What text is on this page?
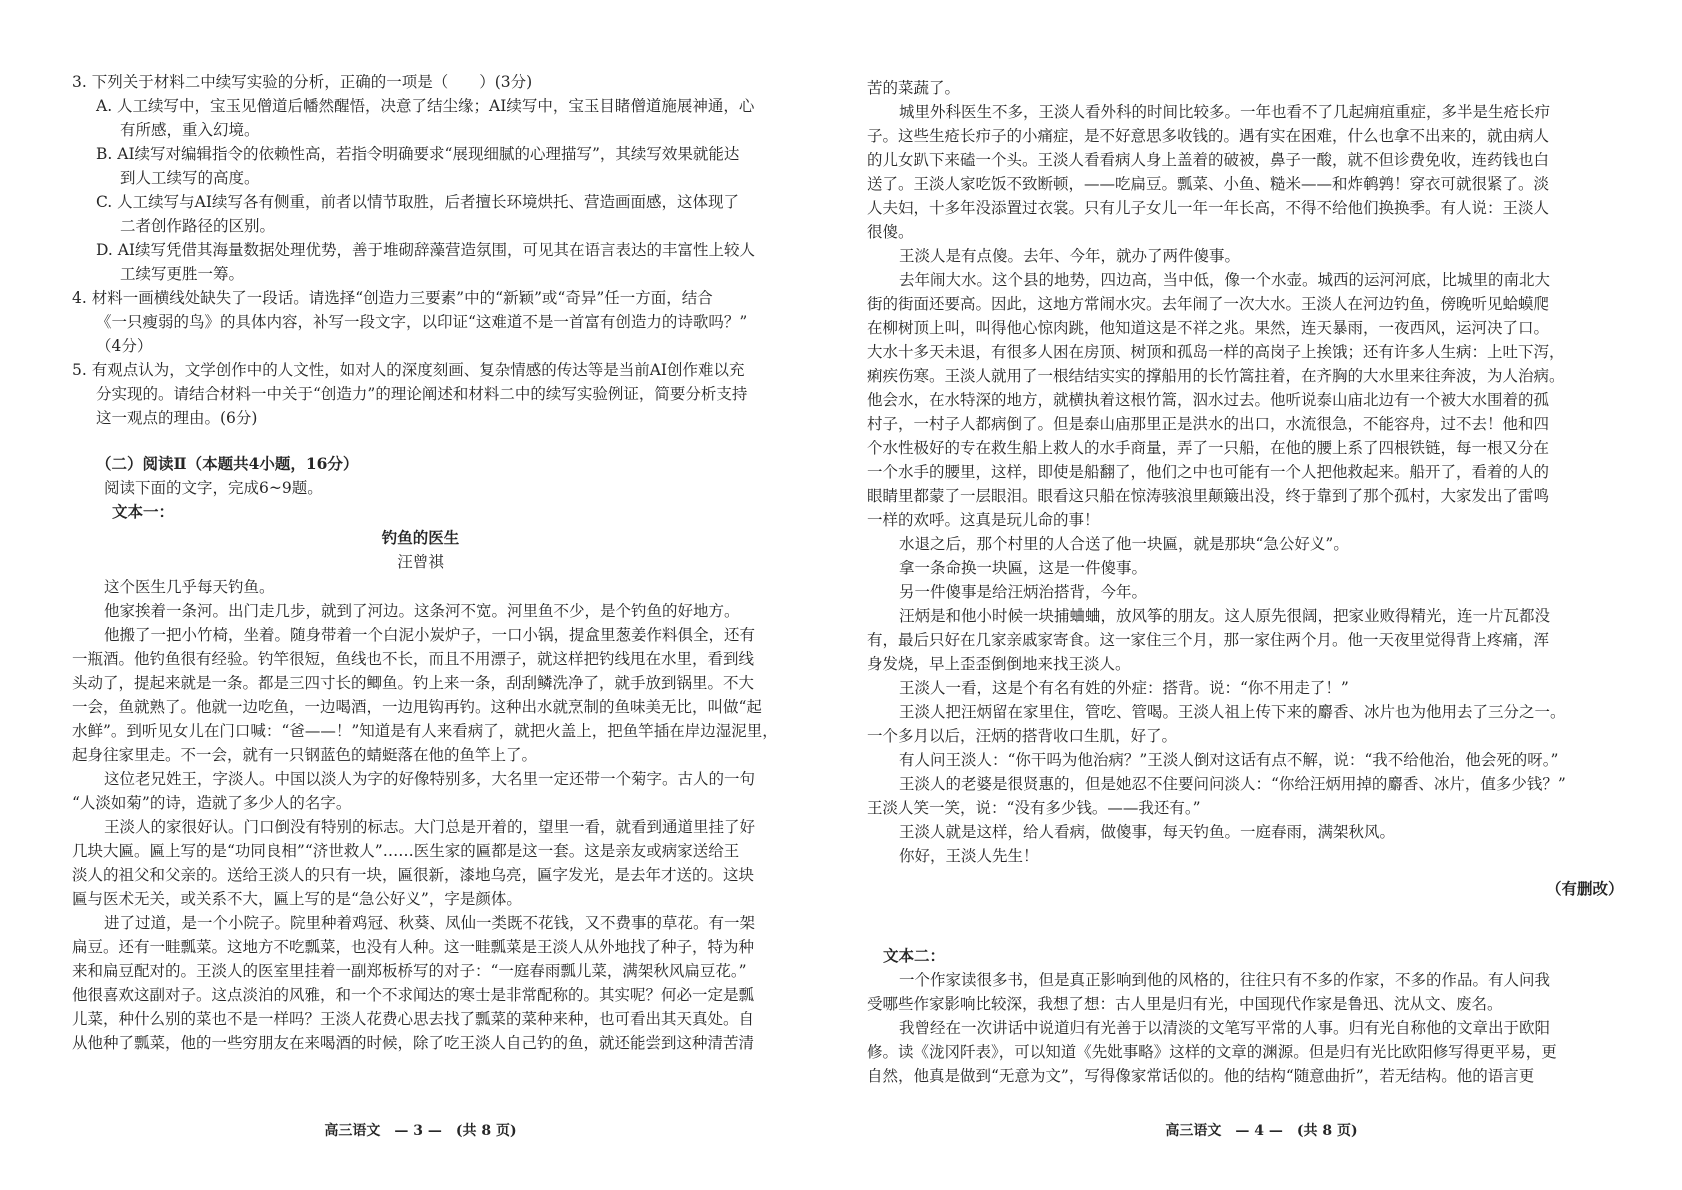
3. 下列关于材料二中续写实验的分析，正确的一项是（　　）(3分)
A. 人工续写中，宝玉见僧道后幡然醒悟，决意了结尘缘；AI续写中，宝玉目睹僧道施展神通，心
有所感，重入幻境。
B. AI续写对编辑指令的依赖性高，若指令明确要求“展现细腻的心理描写”，其续写效果就能达
到人工续写的高度。
C. 人工续写与AI续写各有侧重，前者以情节取胜，后者擅长环境烘托、营造画面感，这体现了
二者创作路径的区别。
D. AI续写凭借其海量数据处理优势，善于堆砌辞藻营造氛围，可见其在语言表达的丰富性上较人
工续写更胜一筹。
4. 材料一画横线处缺失了一段话。请选择“创造力三要素”中的“新颖”或“奇异”任一方面，结合
《一只瘦弱的鸟》的具体内容，补写一段文字，以印证“这难道不是一首富有创造力的诗歌吗？”
（4分）
5. 有观点认为，文学创作中的人文性，如对人的深度刻画、复杂情感的传达等是当前AI创作难以充
分实现的。请结合材料一中关于“创造力”的理论阐述和材料二中的续写实验例证，简要分析支持
这一观点的理由。(6分)
（二）阅读Ⅱ（本题共4小题，16分）
阅读下面的文字，完成6~9题。
文本一：
钓鱼的医生
汪曾祺
这个医生几乎每天钓鱼。
他家挨着一条河。出门走几步，就到了河边。这条河不宽。河里鱼不少，是个钓鱼的好地方。
他搬了一把小竹椅，坐着。随身带着一个白泥小炭炉子，一口小锅，提盒里葱姜作料俱全，还有
一瓶酒。他钓鱼很有经验。钓竿很短，鱼线也不长，而且不用漂子，就这样把钓线甩在水里，看到线
头动了，提起来就是一条。都是三四寸长的鲫鱼。钓上来一条，刮刮鳞洗净了，就手放到锅里。不大
一会，鱼就熟了。他就一边吃鱼，一边喝酒，一边甩钩再钓。这种出水就烹制的鱼味美无比，叫做“起
水鲜”。到听见女儿在门口喊：“爸——！”知道是有人来看病了，就把火盖上，把鱼竿插在岸边湿泥里，
起身往家里走。不一会，就有一只钢蓝色的蜻蜓落在他的鱼竿上了。
这位老兄姓王，字淡人。中国以淡人为字的好像特别多，大名里一定还带一个菊字。古人的一句
“人淡如菊”的诗，造就了多少人的名字。
王淡人的家很好认。门口倒没有特别的标志。大门总是开着的，望里一看，就看到通道里挂了好
几块大匾。匾上写的是“功同良相”“济世救人”……医生家的匾都是这一套。这是亲友或病家送给王
淡人的祖父和父亲的。送给王淡人的只有一块，匾很新，漆地乌亮，匾字发光，是去年才送的。这块
匾与医术无关，或关系不大，匾上写的是“急公好义”，字是颜体。
进了过道，是一个小院子。院里种着鸡冠、秋葵、凤仙一类既不花钱，又不费事的草花。有一架
扁豆。还有一畦瓢菜。这地方不吃瓢菜，也没有人种。这一畦瓢菜是王淡人从外地找了种子，特为种
来和扁豆配对的。王淡人的医室里挂着一副郑板桥写的对子：“一庭春雨瓢儿菜，满架秋风扁豆花。”
他很喜欢这副对子。这点淡泊的风雅，和一个不求闻达的寒士是非常配称的。其实呢？何必一定是瓢
儿菜，种什么别的菜也不是一样吗？王淡人花费心思去找了瓢菜的菜种来种，也可看出其天真处。自
从他种了瓢菜，他的一些穷朋友在来喝酒的时候，除了吃王淡人自己钓的鱼，就还能尝到这种清苦清
高三语文　— 3 —　(共 8 页)
苦的菜蔬了。
城里外科医生不多，王淡人看外科的时间比较多。一年也看不了几起痈疽重症，多半是生疮长疖
子。这些生疮长疖子的小痛症，是不好意思多收钱的。遇有实在困难，什么也拿不出来的，就由病人
的儿女趴下来磕一个头。王淡人看看病人身上盖着的破被，鼻子一酸，就不但诊费免收，连药钱也白
送了。王淡人家吃饭不致断顿，——吃扁豆。瓢菜、小鱼、糙米——和炸鹌鹑！穿衣可就很紧了。淡
人夫妇，十多年没添置过衣裳。只有儿子女儿一年一年长高，不得不给他们换换季。有人说：王淡人
很傻。
王淡人是有点傻。去年、今年，就办了两件傻事。
去年闹大水。这个县的地势，四边高，当中低，像一个水壶。城西的运河河底，比城里的南北大
街的街面还要高。因此，这地方常闹水灾。去年闹了一次大水。王淡人在河边钓鱼，傍晚听见蛤蟆爬
在柳树顶上叫，叫得他心惊肉跳，他知道这是不祥之兆。果然，连天暴雨，一夜西风，运河决了口。
大水十多天未退，有很多人困在房顶、树顶和孤岛一样的高岗子上挨饿；还有许多人生病：上吐下泻，
痢疾伤寒。王淡人就用了一根结结实实的撑船用的长竹篙拄着，在齐胸的大水里来往奔波，为人治病。
他会水，在水特深的地方，就横执着这根竹篙，泅水过去。他听说泰山庙北边有一个被大水围着的孤
村子，一村子人都病倒了。但是泰山庙那里正是洪水的出口，水流很急，不能容舟，过不去！他和四
个水性极好的专在救生船上救人的水手商量，弄了一只船，在他的腰上系了四根铁链，每一根又分在
一个水手的腰里，这样，即使是船翻了，他们之中也可能有一个人把他救起来。船开了，看着的人的
眼睛里都蒙了一层眼泪。眼看这只船在惊涛骇浪里颠簸出没，终于靠到了那个孤村，大家发出了雷鸣
一样的欢呼。这真是玩儿命的事！
水退之后，那个村里的人合送了他一块匾，就是那块“急公好义”。
拿一条命换一块匾，这是一件傻事。
另一件傻事是给汪炳治搭背，今年。
汪炳是和他小时候一块捕蛐蛐，放风筝的朋友。这人原先很阔，把家业败得精光，连一片瓦都没
有，最后只好在几家亲戚家寄食。这一家住三个月，那一家住两个月。他一天夜里觉得背上疼痛，浑
身发烧，早上歪歪倒倒地来找王淡人。
王淡人一看，这是个有名有姓的外症：搭背。说：“你不用走了！”
王淡人把汪炳留在家里住，管吃、管喝。王淡人祖上传下来的麝香、冰片也为他用去了三分之一。
一个多月以后，汪炳的搭背收口生肌，好了。
有人问王淡人：“你干吗为他治病？”王淡人倒对这话有点不解，说：“我不给他治，他会死的呀。”
王淡人的老婆是很贤惠的，但是她忍不住要问问淡人：“你给汪炳用掉的麝香、冰片，值多少钱？”
王淡人笑一笑，说：“没有多少钱。——我还有。”
王淡人就是这样，给人看病，做傻事，每天钓鱼。一庭春雨，满架秋风。
你好，王淡人先生！
（有删改）
文本二：
一个作家读很多书，但是真正影响到他的风格的，往往只有不多的作家，不多的作品。有人问我
受哪些作家影响比较深，我想了想：古人里是归有光，中国现代作家是鲁迅、沈从文、废名。
我曾经在一次讲话中说道归有光善于以清淡的文笔写平常的人事。归有光自称他的文章出于欧阳
修。读《泷冈阡表》，可以知道《先妣事略》这样的文章的渊源。但是归有光比欧阳修写得更平易，更
自然，他真是做到“无意为文”，写得像家常话似的。他的结构“随意曲折”，若无结构。他的语言更
高三语文　— 4 —　(共 8 页)
